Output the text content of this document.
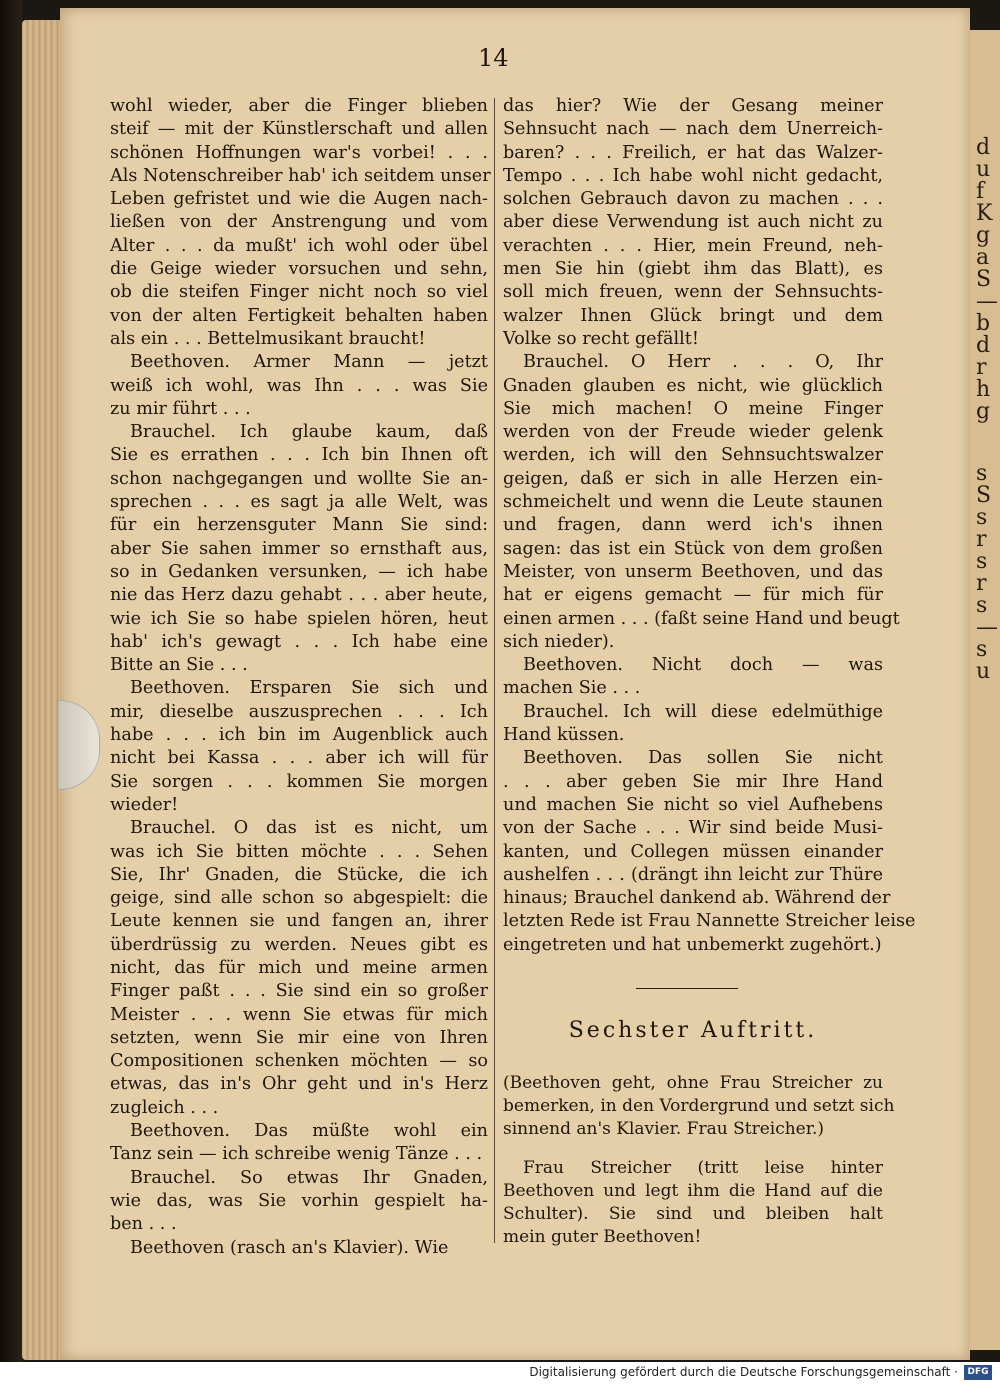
d
u
f
K
g
a
S
—
b
d
r
h
g
s
S
s
r
s
r
s
—
s
u
14
wohl wieder, aber die Finger blieben
steif — mit der Künstlerschaft und allen
schönen Hoffnungen war's vorbei! . . .
Als Notenschreiber hab' ich seitdem unser
Leben gefristet und wie die Augen nach-
ließen von der Anstrengung und vom
Alter . . . da mußt' ich wohl oder übel
die Geige wieder vorsuchen und sehn,
ob die steifen Finger nicht noch so viel
von der alten Fertigkeit behalten haben
als ein . . . Bettelmusikant braucht!
Beethoven. Armer Mann — jetzt
weiß ich wohl, was Ihn . . . was Sie
zu mir führt . . .
Brauchel. Ich glaube kaum, daß
Sie es errathen . . . Ich bin Ihnen oft
schon nachgegangen und wollte Sie an-
sprechen . . . es sagt ja alle Welt, was
für ein herzensguter Mann Sie sind:
aber Sie sahen immer so ernsthaft aus,
so in Gedanken versunken, — ich habe
nie das Herz dazu gehabt . . . aber heute,
wie ich Sie so habe spielen hören, heut
hab' ich's gewagt . . . Ich habe eine
Bitte an Sie . . .
Beethoven. Ersparen Sie sich und
mir, dieselbe auszusprechen . . . Ich
habe . . . ich bin im Augenblick auch
nicht bei Kassa . . . aber ich will für
Sie sorgen . . . kommen Sie morgen
wieder!
Brauchel. O das ist es nicht, um
was ich Sie bitten möchte . . . Sehen
Sie, Ihr' Gnaden, die Stücke, die ich
geige, sind alle schon so abgespielt: die
Leute kennen sie und fangen an, ihrer
überdrüssig zu werden. Neues gibt es
nicht, das für mich und meine armen
Finger paßt . . . Sie sind ein so großer
Meister . . . wenn Sie etwas für mich
setzten, wenn Sie mir eine von Ihren
Compositionen schenken möchten — so
etwas, das in's Ohr geht und in's Herz
zugleich . . .
Beethoven. Das müßte wohl ein
Tanz sein — ich schreibe wenig Tänze . . .
Brauchel. So etwas Ihr Gnaden,
wie das, was Sie vorhin gespielt ha-
ben . . .
Beethoven (rasch an's Klavier). Wie
das hier? Wie der Gesang meiner
Sehnsucht nach — nach dem Unerreich-
baren? . . . Freilich, er hat das Walzer-
Tempo . . . Ich habe wohl nicht gedacht,
solchen Gebrauch davon zu machen . . .
aber diese Verwendung ist auch nicht zu
verachten . . . Hier, mein Freund, neh-
men Sie hin (giebt ihm das Blatt), es
soll mich freuen, wenn der Sehnsuchts-
walzer Ihnen Glück bringt und dem
Volke so recht gefällt!
Brauchel. O Herr . . . O, Ihr
Gnaden glauben es nicht, wie glücklich
Sie mich machen! O meine Finger
werden von der Freude wieder gelenk
werden, ich will den Sehnsuchtswalzer
geigen, daß er sich in alle Herzen ein-
schmeichelt und wenn die Leute staunen
und fragen, dann werd ich's ihnen
sagen: das ist ein Stück von dem großen
Meister, von unserm Beethoven, und das
hat er eigens gemacht — für mich für
einen armen . . . (faßt seine Hand und beugt
sich nieder).
Beethoven. Nicht doch — was
machen Sie . . .
Brauchel. Ich will diese edelmüthige
Hand küssen.
Beethoven. Das sollen Sie nicht
. . . aber geben Sie mir Ihre Hand
und machen Sie nicht so viel Aufhebens
von der Sache . . . Wir sind beide Musi-
kanten, und Collegen müssen einander
aushelfen . . . (drängt ihn leicht zur Thüre
hinaus; Brauchel dankend ab. Während der
letzten Rede ist Frau Nannette Streicher leise
eingetreten und hat unbemerkt zugehört.)
Sechster Auftritt.
(Beethoven geht, ohne Frau Streicher zu
bemerken, in den Vordergrund und setzt sich
sinnend an's Klavier. Frau Streicher.)
Frau Streicher (tritt leise hinter
Beethoven und legt ihm die Hand auf die
Schulter). Sie sind und bleiben halt
mein guter Beethoven!
Digitalisierung gefördert durch die Deutsche Forschungsgemeinschaft ·	DFG
